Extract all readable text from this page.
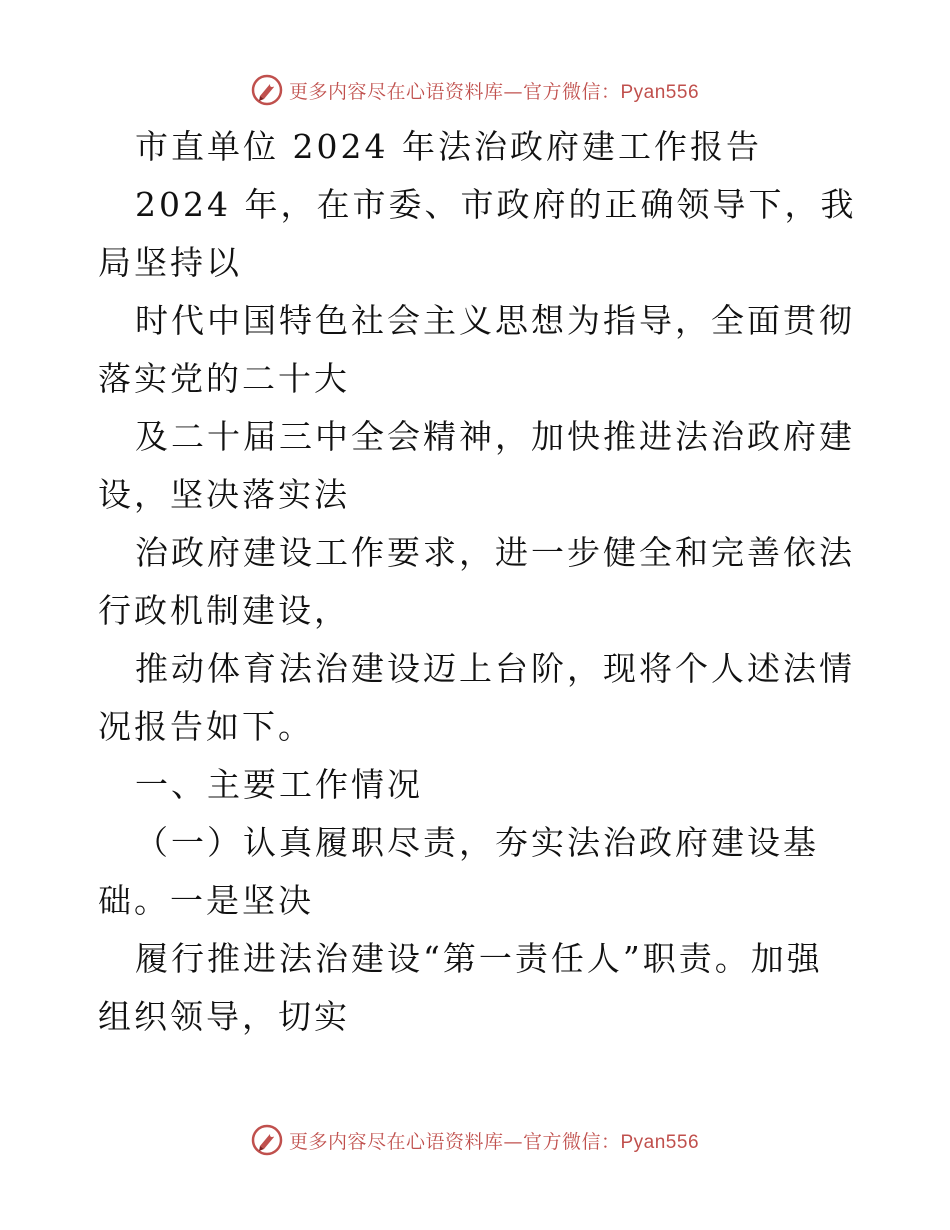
更多内容尽在心语资料库—官方微信：Pyan556

市直单位 2024 年法治政府建工作报告

2024 年，在市委、市政府的正确领导下，我局坚持以

时代中国特色社会主义思想为指导，全面贯彻落实党的二十大

及二十届三中全会精神，加快推进法治政府建设，坚决落实法

治政府建设工作要求，进一步健全和完善依法行政机制建设，

推动体育法治建设迈上台阶，现将个人述法情况报告如下。

一、主要工作情况

（一）认真履职尽责，夯实法治政府建设基础。一是坚决

履行推进法治建设“第一责任人”职责。加强组织领导，切实

更多内容尽在心语资料库—官方微信：Pyan556
